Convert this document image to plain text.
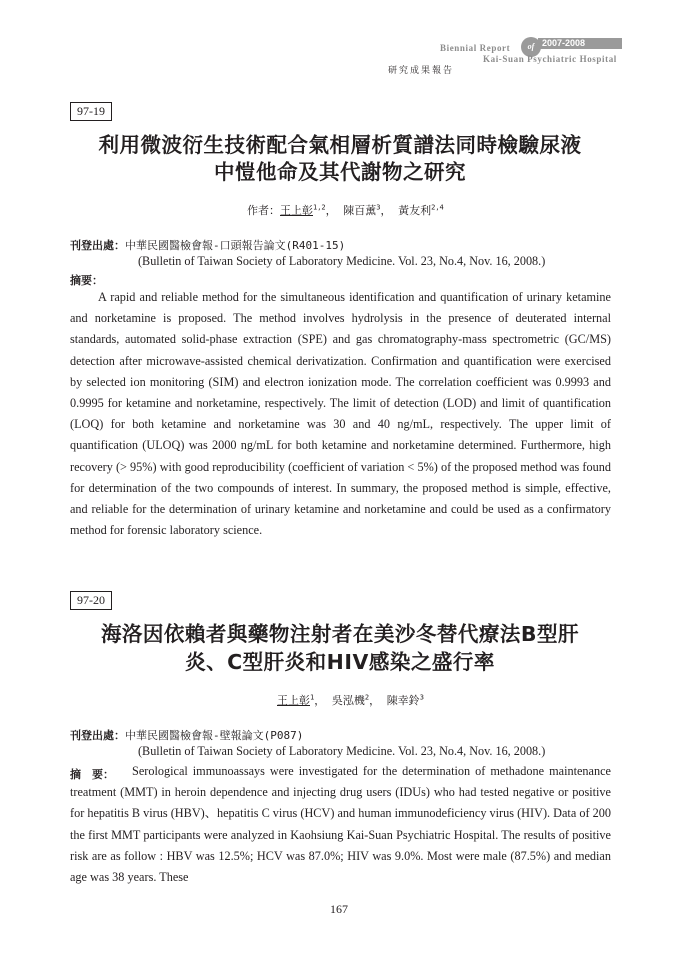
Biennial Report	of 2007-2008
Kai-Suan Psychiatric Hospital
研究成果報告
97-19
利用微波衍生技術配合氣相層析質譜法同時檢驗尿液
中愷他命及其代謝物之研究
作者：王上彰$^{1,2}$， 陳百薰$^3$， 黃友利$^{2,4}$
刊登出處：中華民國醫檢會報-口頭報告論文(R401-15)
(Bulletin of Taiwan Society of Laboratory Medicine. Vol. 23, No.4, Nov. 16, 2008.)
摘要：

A rapid and reliable method for the simultaneous identification and quantification of urinary ketamine and norketamine is proposed. The method involves hydrolysis in the presence of deuterated internal standards, automated solid-phase extraction (SPE) and gas chromatography-mass spectrometric (GC/MS) detection after microwave-assisted chemical derivatization. Confirmation and quantification were exercised by selected ion monitoring (SIM) and electron ionization mode. The correlation coefficient was 0.9993 and 0.9995 for ketamine and norketamine, respectively. The limit of detection (LOD) and limit of quantification (LOQ) for both ketamine and norketamine was 30 and 40 ng/mL, respectively. The upper limit of quantification (ULOQ) was 2000 ng/mL for both ketamine and norketamine determined. Furthermore, high recovery (> 95%) with good reproducibility (coefficient of variation < 5%) of the proposed method was found for determination of the two compounds of interest. In summary, the proposed method is simple, effective, and reliable for the determination of urinary ketamine and norketamine and could be used as a confirmatory method for forensic laboratory science.

97-20
海洛因依賴者與藥物注射者在美沙冬替代療法B型肝
炎、C型肝炎和HIV感染之盛行率
王上彰$^1$， 吳泓機$^2$， 陳幸鈴$^3$
刊登出處：中華民國醫檢會報-壁報論文(P087)
(Bulletin of Taiwan Society of Laboratory Medicine. Vol. 23, No.4, Nov. 16, 2008.)
摘　要：	Serological immunoassays were investigated for the determination of methadone maintenance treatment (MMT) in heroin dependence and injecting drug users (IDUs) who had tested negative or positive for hepatitis B virus (HBV)、hepatitis C virus (HCV) and human immunodeficiency virus (HIV). Data of 200 the first MMT participants were analyzed in Kaohsiung Kai-Suan Psychiatric Hospital. The results of positive risk are as follow : HBV was 12.5%; HCV was 87.0%; HIV was 9.0%. Most were male (87.5%) and median age was 38 years. These

167
